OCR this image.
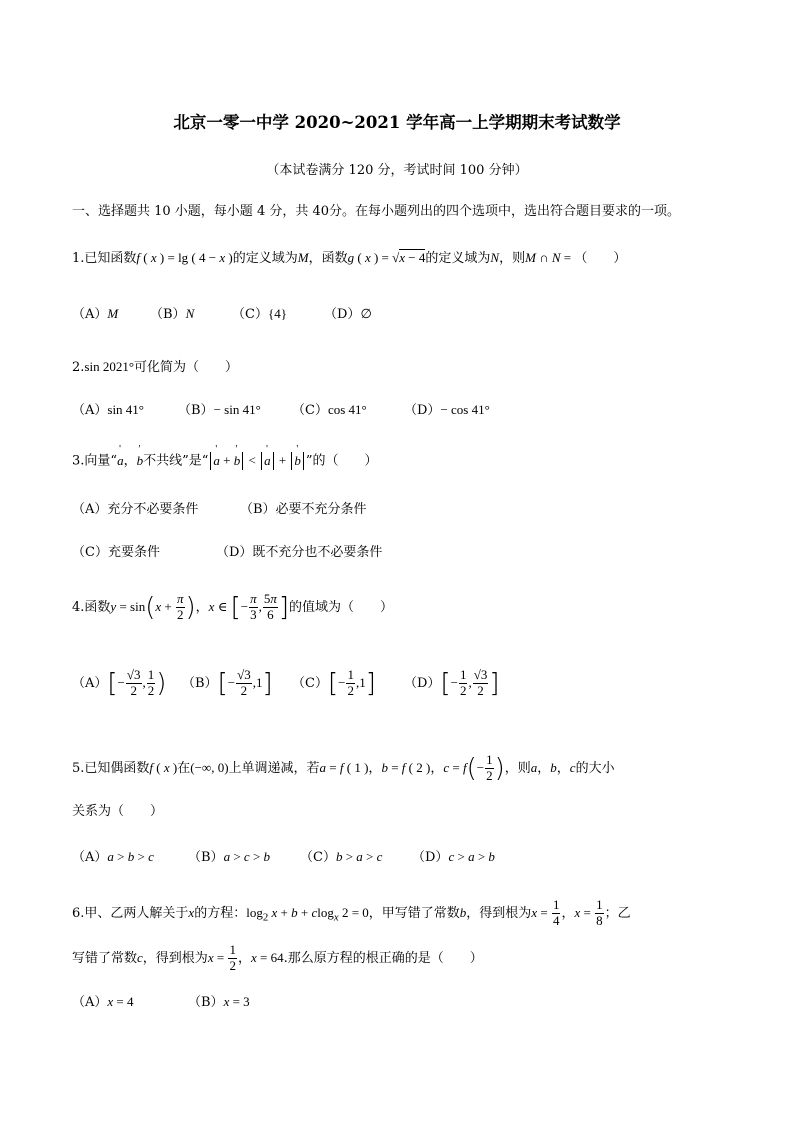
北京一零一中学 2020~2021 学年高一上学期期末考试数学
（本试卷满分 120 分，考试时间 100 分钟）
一、选择题共 10 小题，每小题 4 分，共 40分。在每小题列出的四个选项中，选出符合题目要求的一项。
1.已知函数f ( x ) = lg ( 4 − x )的定义域为M，函数g ( x ) = √x − 4的定义域为N，则M ∩ N = （　　）
（A）M （B）N	（C）{4}	（D）∅
2.sin 2021°可化简为（　　）
（A）sin 41°	（B）− sin 41° （C）cos 41°	（D）− cos 41°
3.向量“' a，' b不共线”是“' a + ' b < ' a + ' b ”的（　　）
（A）充分不必要条件	（B）必要不充分条件
（C）充要条件	（D）既不充分也不必要条件
4.函数$y = \sin(x + \frac{\pi}{2}$ )，x ∈ [− $\frac{\pi}{3}$ , $\frac{5\pi}{6}$ ]的值域为（　　）
$(A)[- \frac{√3}{2}$ , $\frac{1}{2}$ ) $(B)[- \frac{√3}{2} ,1]$ $(C)[- \frac{1}{2} ,1]$ $(D)[- \frac{1}{2}$ , $\frac{√3}{2}$ ]
5.已知偶函数f ( x )在(−∞, 0)上单调递减，若a = f ( 1 )，b = f ( 2 )，$c = f(- \frac{1}{2}$ )，则a，b，c的大小
关系为（　　）
（A）a > b > c	（B）a > c > b （C）b > a > c （D）c > a > b
6.甲、乙两人解关于x的方程：$\log_2 x + b + clog_x$ 2 = 0，甲写错了常数b，得到根为$x = \frac{1}{4}$ ，$x = \frac{1}{8}$ ；乙
写错了常数c，得到根为$x = \frac{1}{2}$ ，x = 64.那么原方程的根正确的是（　　）
（A）x = 4	（B）x = 3
